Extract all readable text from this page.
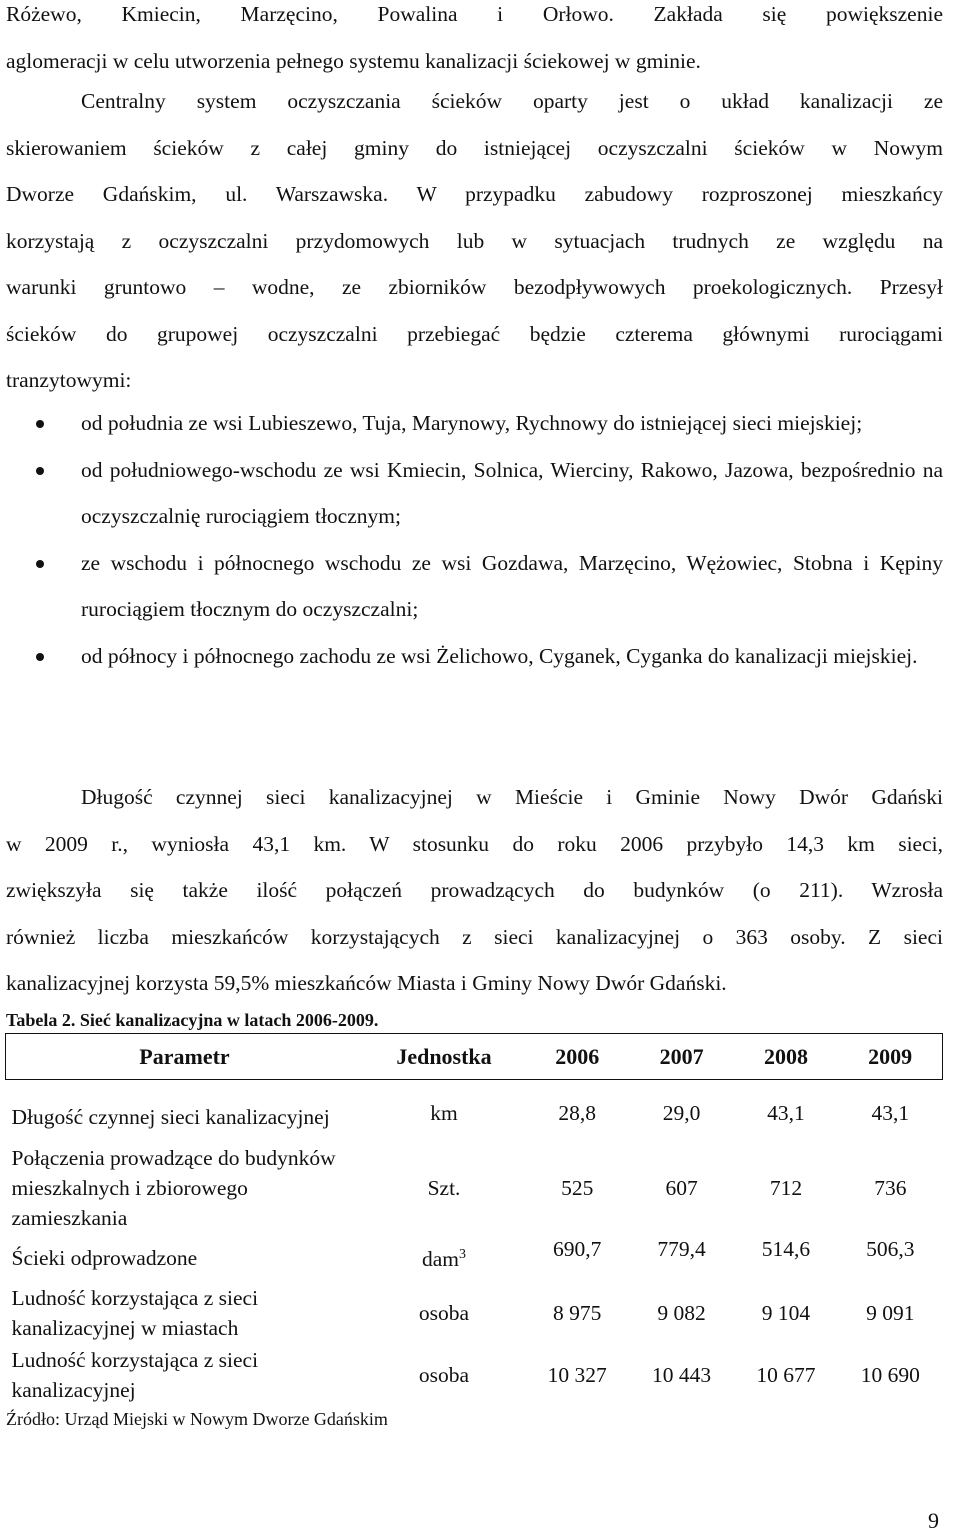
Różewo, Kmiecin, Marzęcino, Powalina i Orłowo. Zakłada się powiększenie
aglomeracji w celu utworzenia pełnego systemu kanalizacji ściekowej w gminie.

Centralny system oczyszczania ścieków oparty jest o układ kanalizacji ze
skierowaniem ścieków z całej gminy do istniejącej oczyszczalni ścieków w Nowym
Dworze Gdańskim, ul. Warszawska. W przypadku zabudowy rozproszonej mieszkańcy
korzystają z oczyszczalni przydomowych lub w sytuacjach trudnych ze względu na
warunki gruntowo – wodne, ze zbiorników bezodpływowych proekologicznych. Przesył
ścieków do grupowej oczyszczalni przebiegać będzie czterema głównymi rurociągami
tranzytowymi:

od południa ze wsi Lubieszewo, Tuja, Marynowy, Rychnowy do istniejącej sieci miejskiej;
od południowego-wschodu ze wsi Kmiecin, Solnica, Wierciny, Rakowo, Jazowa, bezpośrednio na oczyszczalnię rurociągiem tłocznym;
ze wschodu i północnego wschodu ze wsi Gozdawa, Marzęcino, Wężowiec, Stobna i Kępiny rurociągiem tłocznym do oczyszczalni;
od północy i północnego zachodu ze wsi Żelichowo, Cyganek, Cyganka do kanalizacji miejskiej.

Długość czynnej sieci kanalizacyjnej w Mieście i Gminie Nowy Dwór Gdański
w 2009 r., wyniosła 43,1 km. W stosunku do roku 2006 przybyło 14,3 km sieci,
zwiększyła się także ilość połączeń prowadzących do budynków (o 211). Wzrosła
również liczba mieszkańców korzystających z sieci kanalizacyjnej o 363 osoby. Z sieci
kanalizacyjnej korzysta 59,5% mieszkańców Miasta i Gminy Nowy Dwór Gdański.

Tabela 2. Sieć kanalizacyjna w latach 2006-2009.

Parametr	Jednostka	2006	2007	2008	2009
Długość czynnej sieci kanalizacyjnej	km	28,8	29,0	43,1	43,1
Połączenia prowadzące do budynków mieszkalnych i zbiorowego zamieszkania	Szt.	525	607	712	736
Ścieki odprowadzone	dam$^3$	690,7	779,4	514,6	506,3
Ludność korzystająca z sieci kanalizacyjnej w miastach	osoba	8 975	9 082	9 104	9 091
Ludność korzystająca z sieci kanalizacyjnej	osoba	10 327	10 443	10 677	10 690

Źródło: Urząd Miejski w Nowym Dworze Gdańskim

9
